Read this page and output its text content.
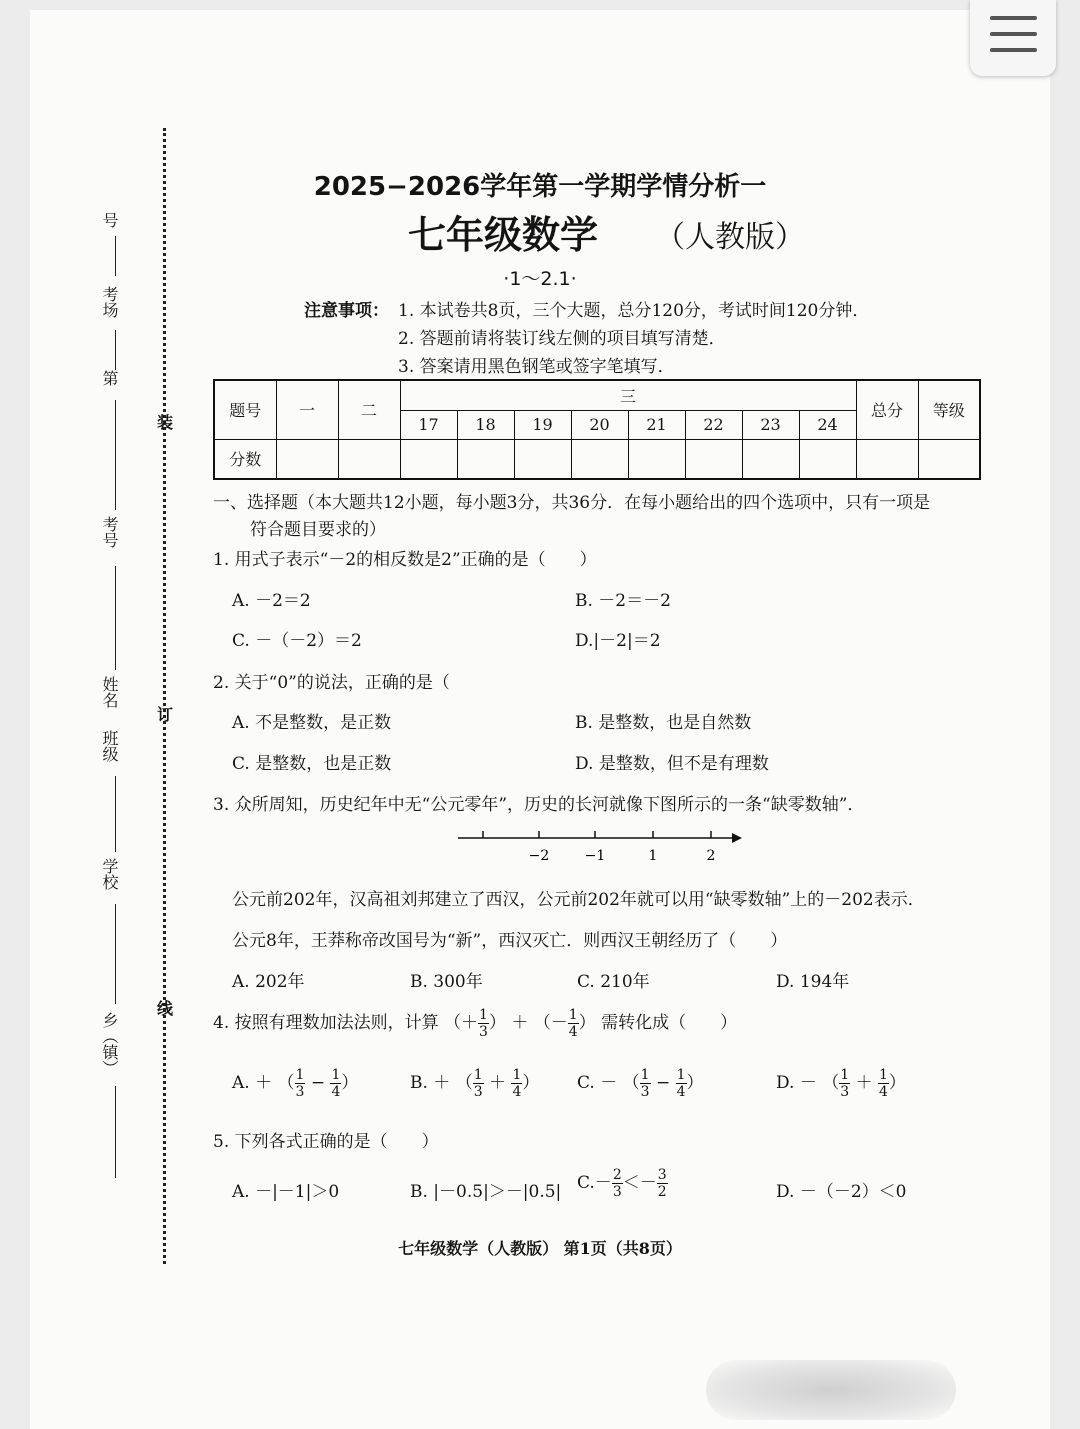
号
考场
第
考号
姓名
班级
学校
乡（镇）
装
订
线
2025−2026学年第一学期学情分析一
七年级数学 （人教版）
·1～2.1·
注意事项： 1. 本试卷共8页，三个大题，总分120分，考试时间120分钟．
2. 答题前请将装订线左侧的项目填写清楚．
3. 答案请用黑色钢笔或签字笔填写．
题号	一	二	三								总分	等级
			17	18	19	20	21	22	23	24		
分数												
一、选择题（本大题共12小题，每小题3分，共36分．在每小题给出的四个选项中，只有一项是
符合题目要求的）
1. 用式子表示“－2的相反数是2”正确的是（　　）
A. －2＝2	B. －2＝－2
C. －（－2）＝2	D.|－2|＝2
2. 关于“0”的说法，正确的是（
A. 不是整数，是正数	B. 是整数，也是自然数
C. 是整数，也是正数	D. 是整数，但不是有理数
3. 众所周知，历史纪年中无“公元零年”，历史的长河就像下图所示的一条“缺零数轴”．
−2	−1	1	2
公元前202年，汉高祖刘邦建立了西汉，公元前202年就可以用“缺零数轴”上的－202表示．
公元8年，王莽称帝改国号为“新”，西汉灭亡．则西汉王朝经历了（　　）
A. 202年	B. 300年	C. 210年	D. 194年
4. 按照有理数加法法则，计算 （＋ $\frac{1}{3}$ ） ＋ （－ $\frac{1}{4}$ ） 需转化成（　　）
A. ＋ （ $\frac{1}{3} - \frac{1}{4}$ ）	B. ＋ （ $\frac{1}{3} + \frac{1}{4}$ ） C. － （ $\frac{1}{3} - \frac{1}{4}$ ）	D. － （ $\frac{1}{3} + \frac{1}{4}$ ）
5. 下列各式正确的是（　　）
A. －|－1|＞0	B. |－0.5|＞－|0.5| $C.- \frac{2}{3} <- \frac{3}{2}$	D. －（－2）＜0
七年级数学（人教版） 第1页（共8页）
